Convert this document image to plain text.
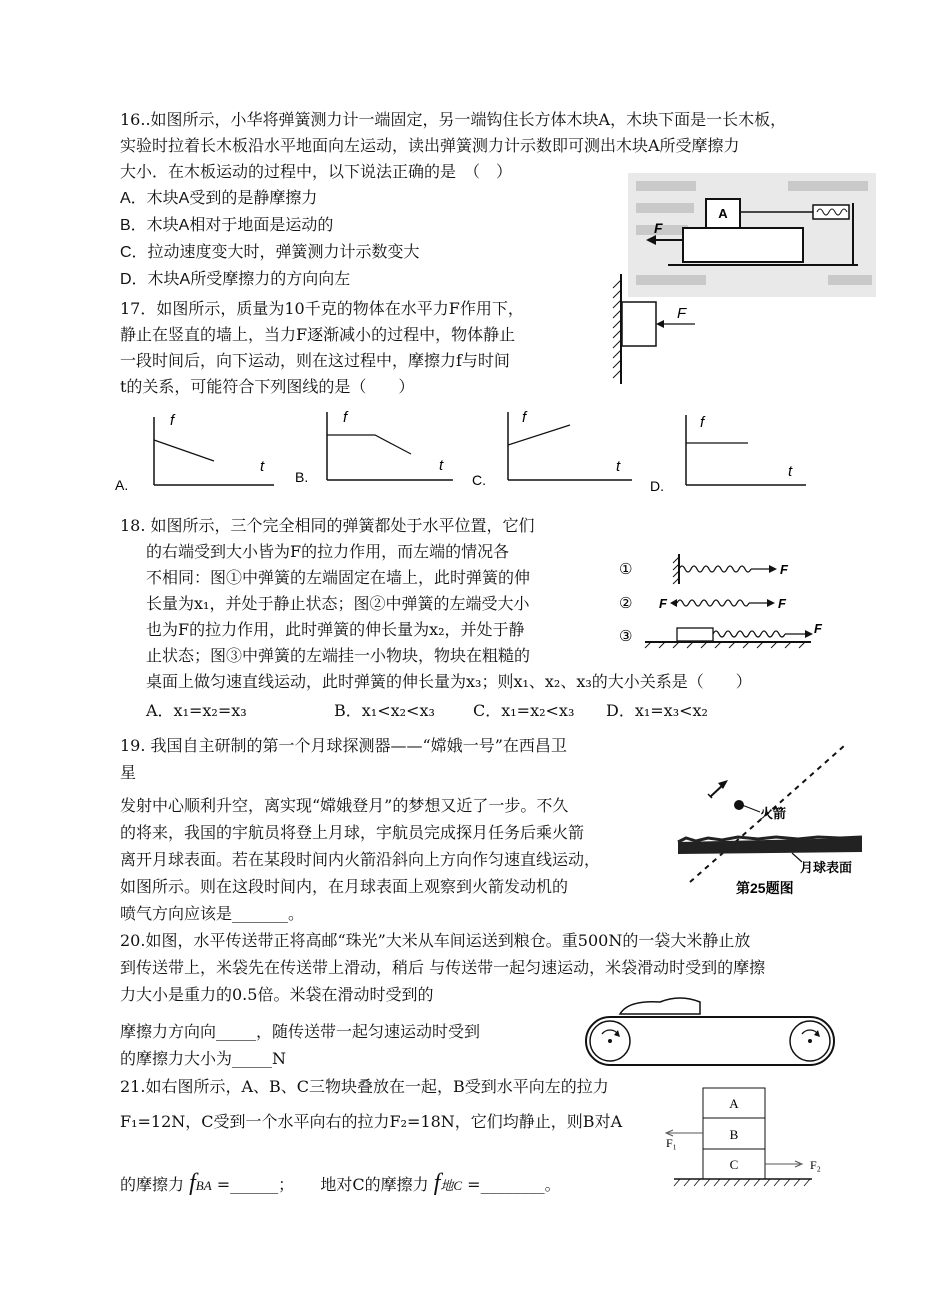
16..如图所示，小华将弹簧测力计一端固定，另一端钩住长方体木块A，木块下面是一长木板，
实验时拉着长木板沿水平地面向左运动，读出弹簧测力计示数即可测出木块A所受摩擦力
大小．在木板运动的过程中，以下说法正确的是　（　）
A．木块A受到的是静摩擦力
B．木块A相对于地面是运动的
C．拉动速度变大时，弹簧测力计示数变大
D．木块A所受摩擦力的方向向左
A
F
17．如图所示，质量为10千克的物体在水平力F作用下，
静止在竖直的墙上，当力F逐渐减小的过程中，物体静止
一段时间后，向下运动，则在这过程中，摩擦力f与时间
t的关系，可能符合下列图线的是（　　）
F
A.
f
t
B.
f
t
C.
f
t
D.
f
t
18. 如图所示，三个完全相同的弹簧都处于水平位置，它们
的右端受到大小皆为F的拉力作用，而左端的情况各
不相同：图①中弹簧的左端固定在墙上，此时弹簧的伸
长量为x₁，并处于静止状态；图②中弹簧的左端受大小
也为F的拉力作用，此时弹簧的伸长量为x₂，并处于静
止状态；图③中弹簧的左端挂一小物块，物块在粗糙的
桌面上做匀速直线运动，此时弹簧的伸长量为x₃；则x₁、x₂、x₃的大小关系是（　　）
A．x₁=x₂=x₃	B．x₁<x₂<x₃ C．x₁=x₂<x₃ D．x₁=x₃<x₂
①
②
③
F
F	F
F
19. 我国自主研制的第一个月球探测器——“嫦娥一号”在西昌卫
星
发射中心顺利升空，离实现“嫦娥登月”的梦想又近了一步。不久
的将来，我国的宇航员将登上月球，宇航员完成探月任务后乘火箭
离开月球表面。若在某段时间内火箭沿斜向上方向作匀速直线运动，
如图所示。则在这段时间内，在月球表面上观察到火箭发动机的
喷气方向应该是_______。
火箭
月球表面
第25题图
20.如图，水平传送带正将高邮“珠光”大米从车间运送到粮仓。重500N的一袋大米静止放
到传送带上，米袋先在传送带上滑动，稍后 与传送带一起匀速运动，米袋滑动时受到的摩擦
力大小是重力的0.5倍。米袋在滑动时受到的
摩擦力方向向_____，随传送带一起匀速运动时受到
的摩擦力大小为_____N
21.如右图所示，A、B、C三物块叠放在一起，B受到水平向左的拉力
F₁=12N，C受到一个水平向右的拉力F₂=18N，它们均静止，则B对A
的摩擦力 fBA =______； 地对C的摩擦力 f地C =________。
A
B
C
F₁
F₂
